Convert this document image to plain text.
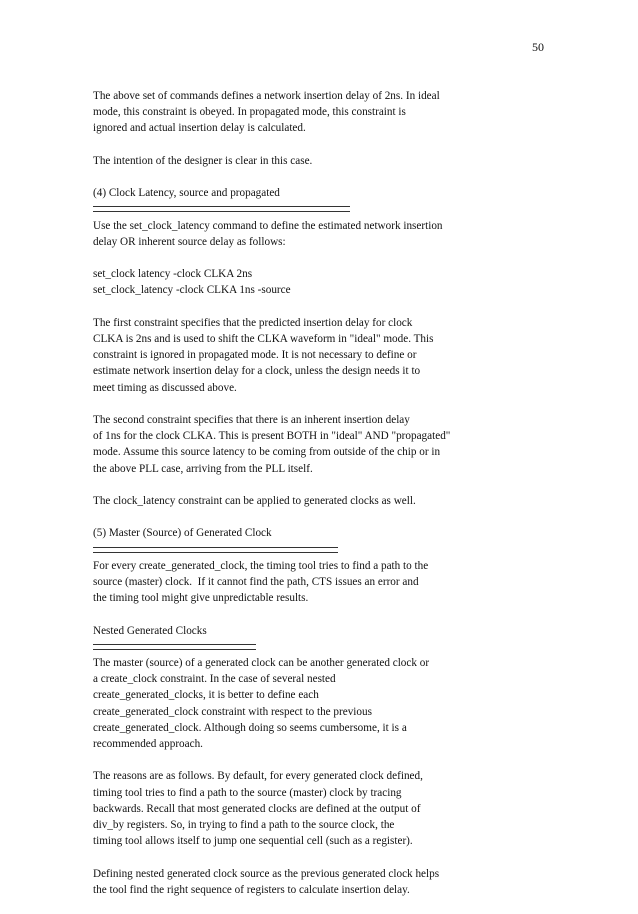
50

The above set of commands defines a network insertion delay of 2ns. In ideal
mode, this constraint is obeyed. In propagated mode, this constraint is
ignored and actual insertion delay is calculated.

The intention of the designer is clear in this case.

(4) Clock Latency, source and propagated
Use the set_clock_latency command to define the estimated network insertion
delay OR inherent source delay as follows:

set_clock latency -clock CLKA 2ns
set_clock_latency -clock CLKA 1ns -source

The first constraint specifies that the predicted insertion delay for clock
CLKA is 2ns and is used to shift the CLKA waveform in "ideal" mode. This
constraint is ignored in propagated mode. It is not necessary to define or
estimate network insertion delay for a clock, unless the design needs it to
meet timing as discussed above.

The second constraint specifies that there is an inherent insertion delay
of 1ns for the clock CLKA. This is present BOTH in "ideal" AND "propagated"
mode. Assume this source latency to be coming from outside of the chip or in
the above PLL case, arriving from the PLL itself.

The clock_latency constraint can be applied to generated clocks as well.

(5) Master (Source) of Generated Clock
For every create_generated_clock, the timing tool tries to find a path to the
source (master) clock.  If it cannot find the path, CTS issues an error and
the timing tool might give unpredictable results.

Nested Generated Clocks
The master (source) of a generated clock can be another generated clock or
a create_clock constraint. In the case of several nested
create_generated_clocks, it is better to define each
create_generated_clock constraint with respect to the previous
create_generated_clock. Although doing so seems cumbersome, it is a
recommended approach.

The reasons are as follows. By default, for every generated clock defined,
timing tool tries to find a path to the source (master) clock by tracing
backwards. Recall that most generated clocks are defined at the output of
div_by registers. So, in trying to find a path to the source clock, the
timing tool allows itself to jump one sequential cell (such as a register).

Defining nested generated clock source as the previous generated clock helps
the tool find the right sequence of registers to calculate insertion delay.
